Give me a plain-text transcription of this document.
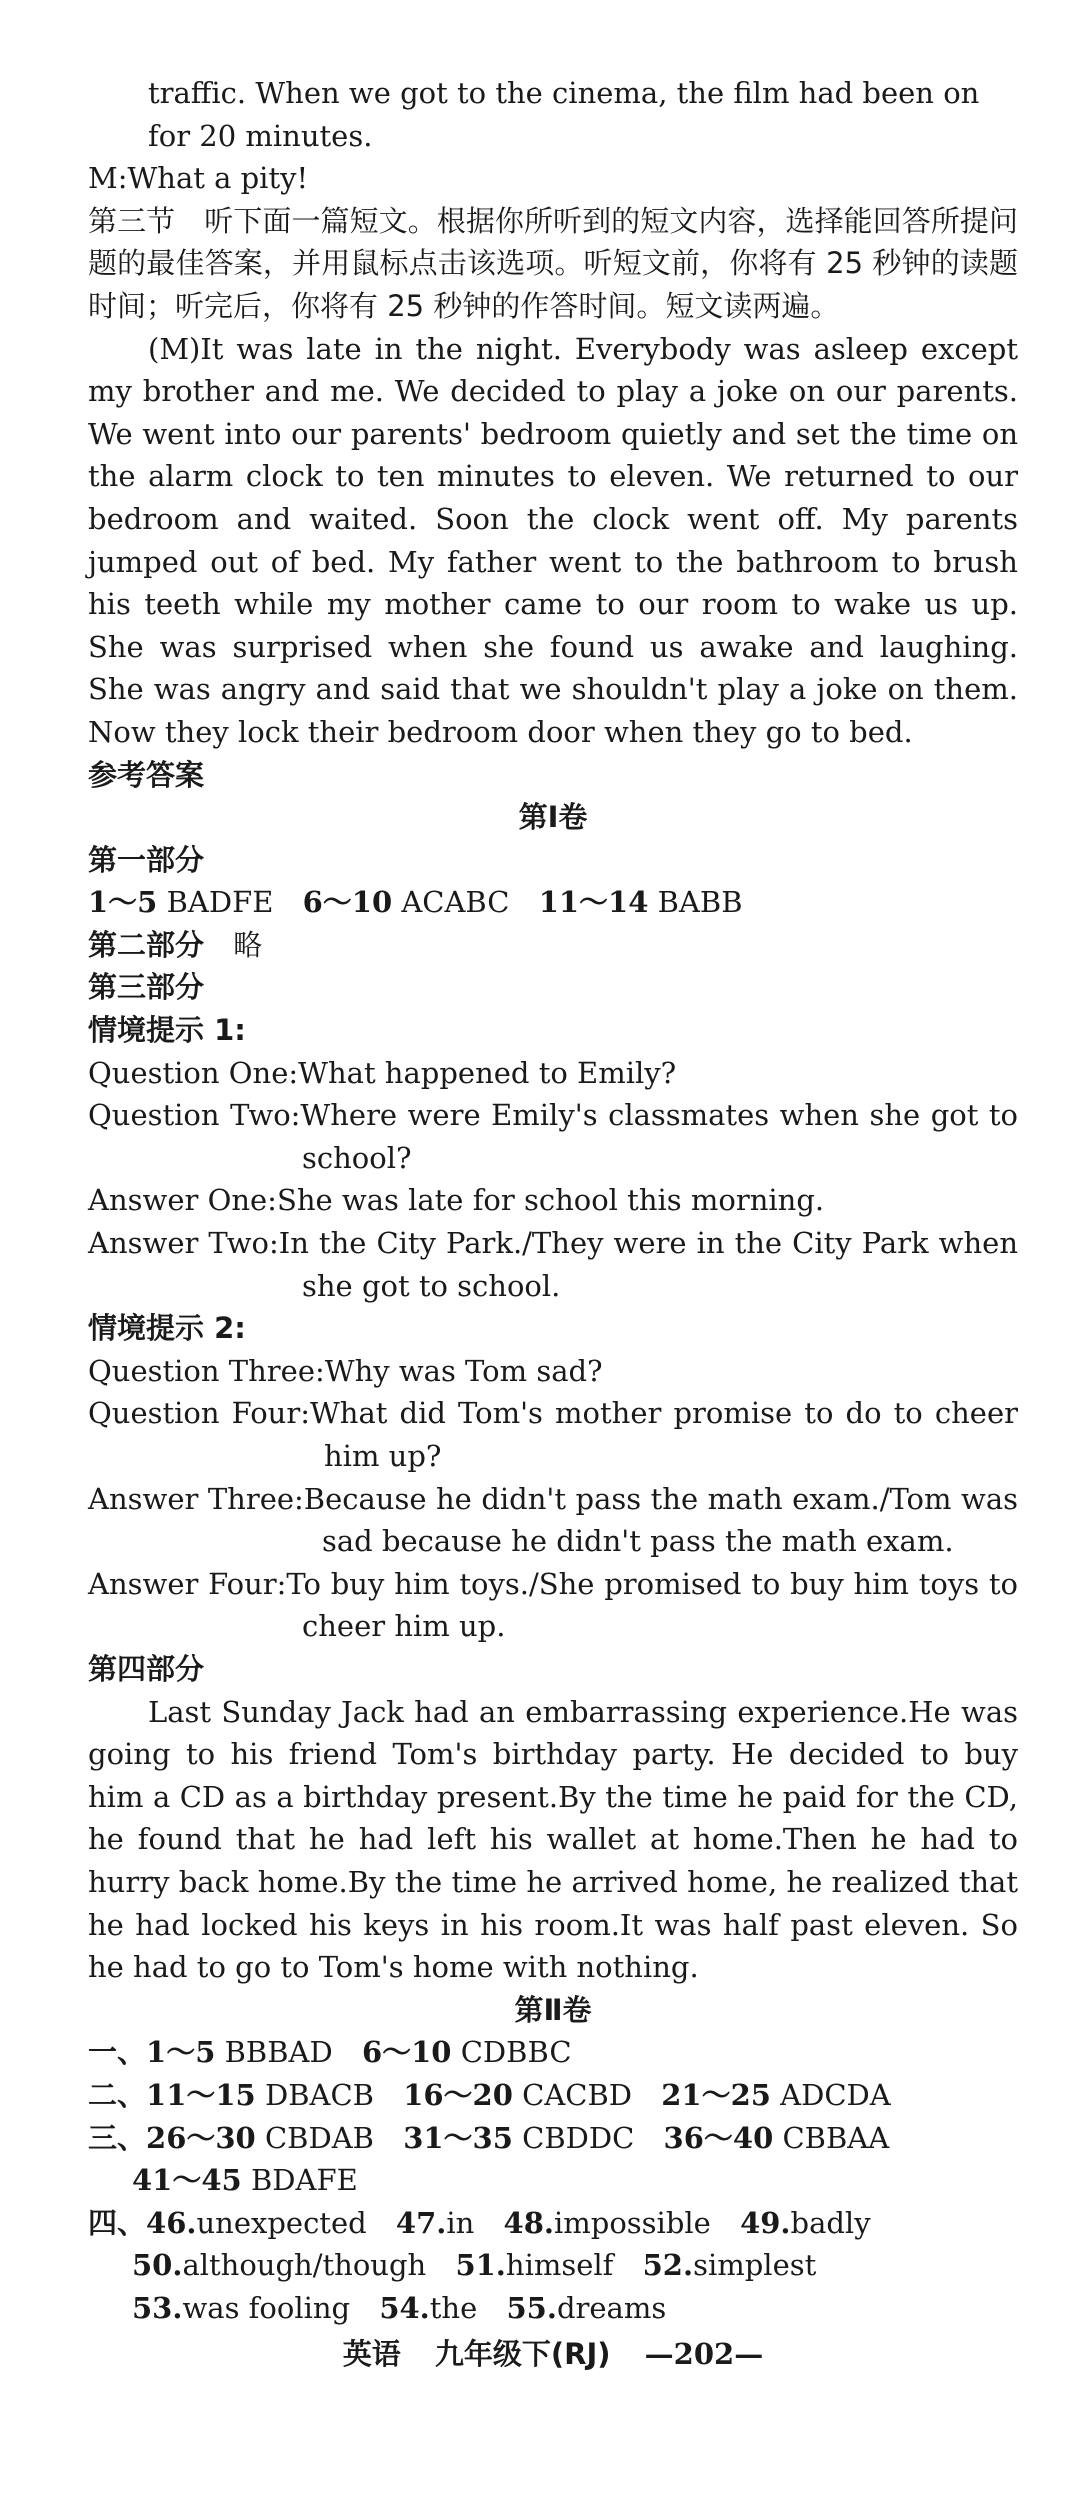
traffic. When we got to the cinema, the film had been on
for 20 minutes.
M:What a pity!
第三节　听下面一篇短文。根据你所听到的短文内容，选择能回答所提问题的最佳答案，并用鼠标点击该选项。听短文前，你将有 25 秒钟的读题时间；听完后，你将有 25 秒钟的作答时间。短文读两遍。
(M)It was late in the night. Everybody was asleep except my brother and me. We decided to play a joke on our parents. We went into our parents' bedroom quietly and set the time on the alarm clock to ten minutes to eleven. We returned to our bedroom and waited. Soon the clock went off. My parents jumped out of bed. My father went to the bathroom to brush his teeth while my mother came to our room to wake us up. She was surprised when she found us awake and laughing. She was angry and said that we shouldn't play a joke on them. Now they lock their bedroom door when they go to bed.
参考答案
第Ⅰ卷
第一部分
1～5 BADFE 6～10 ACABC 11～14 BABB
第二部分 略
第三部分
情境提示 1:
Question One:What happened to Emily?
Question Two:Where were Emily's classmates when she got to school?
Answer One:She was late for school this morning.
Answer Two:In the City Park./They were in the City Park when she got to school.
情境提示 2:
Question Three:Why was Tom sad?
Question Four:What did Tom's mother promise to do to cheer him up?
Answer Three:Because he didn't pass the math exam./Tom was sad because he didn't pass the math exam.
Answer Four:To buy him toys./She promised to buy him toys to cheer him up.
第四部分
Last Sunday Jack had an embarrassing experience.He was going to his friend Tom's birthday party. He decided to buy him a CD as a birthday present.By the time he paid for the CD, he found that he had left his wallet at home.Then he had to hurry back home.By the time he arrived home, he realized that he had locked his keys in his room.It was half past eleven. So he had to go to Tom's home with nothing.
第Ⅱ卷
一、1～5 BBBAD 6～10 CDBBC
二、11～15 DBACB 16～20 CACBD 21～25 ADCDA
三、26～30 CBDAB 31～35 CBDDC 36～40 CBBAA
41～45 BDAFE
四、46.unexpected 47.in 48.impossible 49.badly
50.although/though 51.himself 52.simplest
53.was fooling 54.the 55.dreams
英语 九年级下(RJ) —202—
